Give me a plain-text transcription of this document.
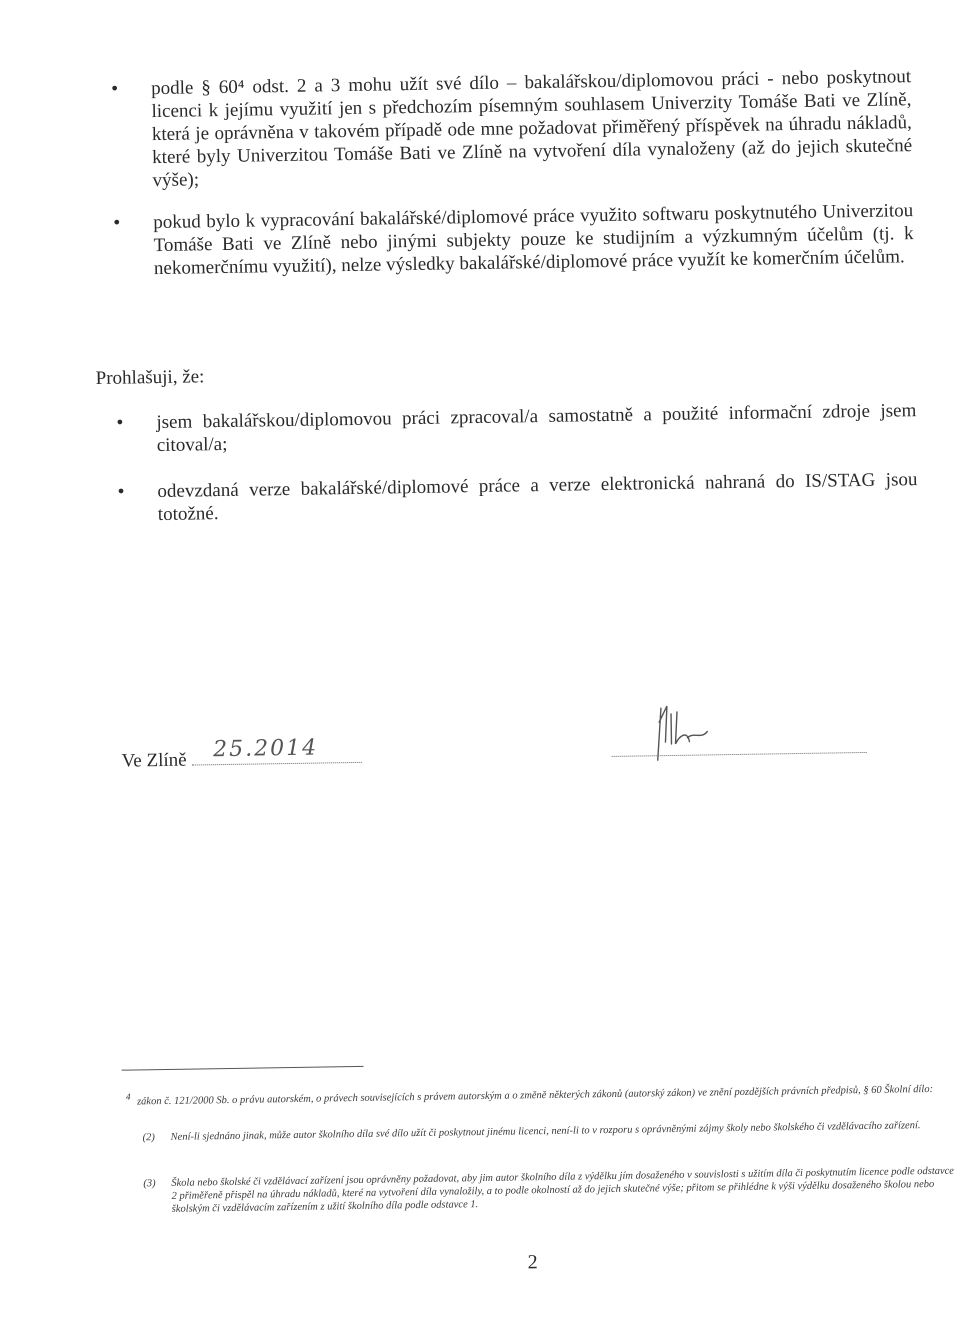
•
podle § 60⁴ odst. 2 a 3 mohu užít své dílo – bakalářskou/diplomovou práci - nebo poskytnout licenci k jejímu využití jen s předchozím písemným souhlasem Univerzity Tomáše Bati ve Zlíně, která je oprávněna v takovém případě ode mne požadovat přiměřený příspěvek na úhradu nákladů, které byly Univerzitou Tomáše Bati ve Zlíně na vytvoření díla vynaloženy (až do jejich skutečné výše);
•
pokud bylo k vypracování bakalářské/diplomové práce využito softwaru poskytnutého Univerzitou Tomáše Bati ve Zlíně nebo jinými subjekty pouze ke studijním a výzkumným účelům (tj. k nekomerčnímu využití), nelze výsledky bakalářské/diplomové práce využít ke komerčním účelům.
Prohlašuji, že:
•
jsem bakalářskou/diplomovou práci zpracoval/a samostatně a použité informační zdroje jsem citoval/a;
•
odevzdaná verze bakalářské/diplomové práce a verze elektronická nahraná do IS/STAG jsou totožné.
Ve Zlíně 25.2014
4 zákon č. 121/2000 Sb. o právu autorském, o právech souvisejících s právem autorským a o změně některých zákonů (autorský zákon) ve znění pozdějších právních předpisů, § 60 Školní dílo:
(2) Není-li sjednáno jinak, může autor školního díla své dílo užít či poskytnout jinému licenci, není-li to v rozporu s oprávněnými zájmy školy nebo školského či vzdělávacího zařízení.
(3) Škola nebo školské či vzdělávací zařízení jsou oprávněny požadovat, aby jim autor školního díla z výdělku jím dosaženého v souvislosti s užitím díla či poskytnutím licence podle odstavce 2 přiměřeně přispěl na úhradu nákladů, které na vytvoření díla vynaložily, a to podle okolností až do jejich skutečné výše; přitom se přihlédne k výši výdělku dosaženého školou nebo školským či vzdělávacím zařízením z užití školního díla podle odstavce 1.
2
